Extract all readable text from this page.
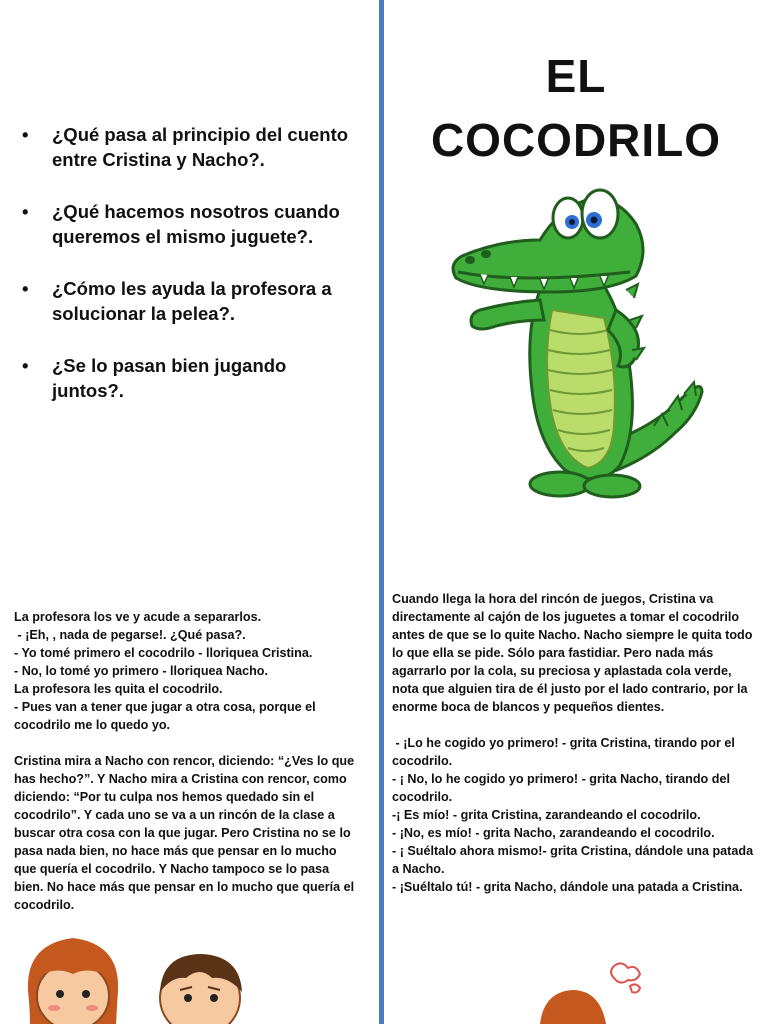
• ¿Qué pasa al principio del cuento entre Cristina y Nacho?.
• ¿Qué hacemos nosotros cuando queremos el mismo juguete?.
• ¿Cómo les ayuda la profesora a solucionar la pelea?.
• ¿Se lo pasan bien jugando juntos?.
EL
COCODRILO
La profesora los ve y acude a separarlos.
- ¡Eh, , nada de pegarse!. ¿Qué pasa?.
- Yo tomé primero el cocodrilo - lloriquea Cristina.
- No, lo tomé yo primero - lloriquea Nacho.
La profesora les quita el cocodrilo.
- Pues van a tener que jugar a otra cosa, porque el cocodrilo me lo quedo yo.

Cristina mira a Nacho con rencor, diciendo: “¿Ves lo que has hecho?”. Y Nacho mira a Cristina con rencor, como diciendo: “Por tu culpa nos hemos quedado sin el cocodrilo”. Y cada uno se va a un rincón de la clase a buscar otra cosa con la que jugar. Pero Cristina no se lo pasa nada bien, no hace más que pensar en lo mucho que quería el cocodrilo. Y Nacho tampoco se lo pasa bien. No hace más que pensar en lo mucho que quería el cocodrilo.
Cuando llega la hora del rincón de juegos, Cristina va directamente al cajón de los juguetes a tomar el cocodrilo antes de que se lo quite Nacho. Nacho siempre le quita todo lo que ella se pide. Sólo para fastidiar. Pero nada más agarrarlo por la cola, su preciosa y aplastada cola verde, nota que alguien tira de él justo por el lado contrario, por la enorme boca de blancos y pequeños dientes.

- ¡Lo he cogido yo primero! - grita Cristina, tirando por el cocodrilo.
- ¡ No, lo he cogido yo primero! - grita Nacho, tirando del cocodrilo.
-¡ Es mío! - grita Cristina, zarandeando el cocodrilo.
- ¡No, es mío! - grita Nacho, zarandeando el cocodrilo.
- ¡ Suéltalo ahora mismo!- grita Cristina, dándole una patada a Nacho.
- ¡Suéltalo tú! - grita Nacho, dándole una patada a Cristina.
